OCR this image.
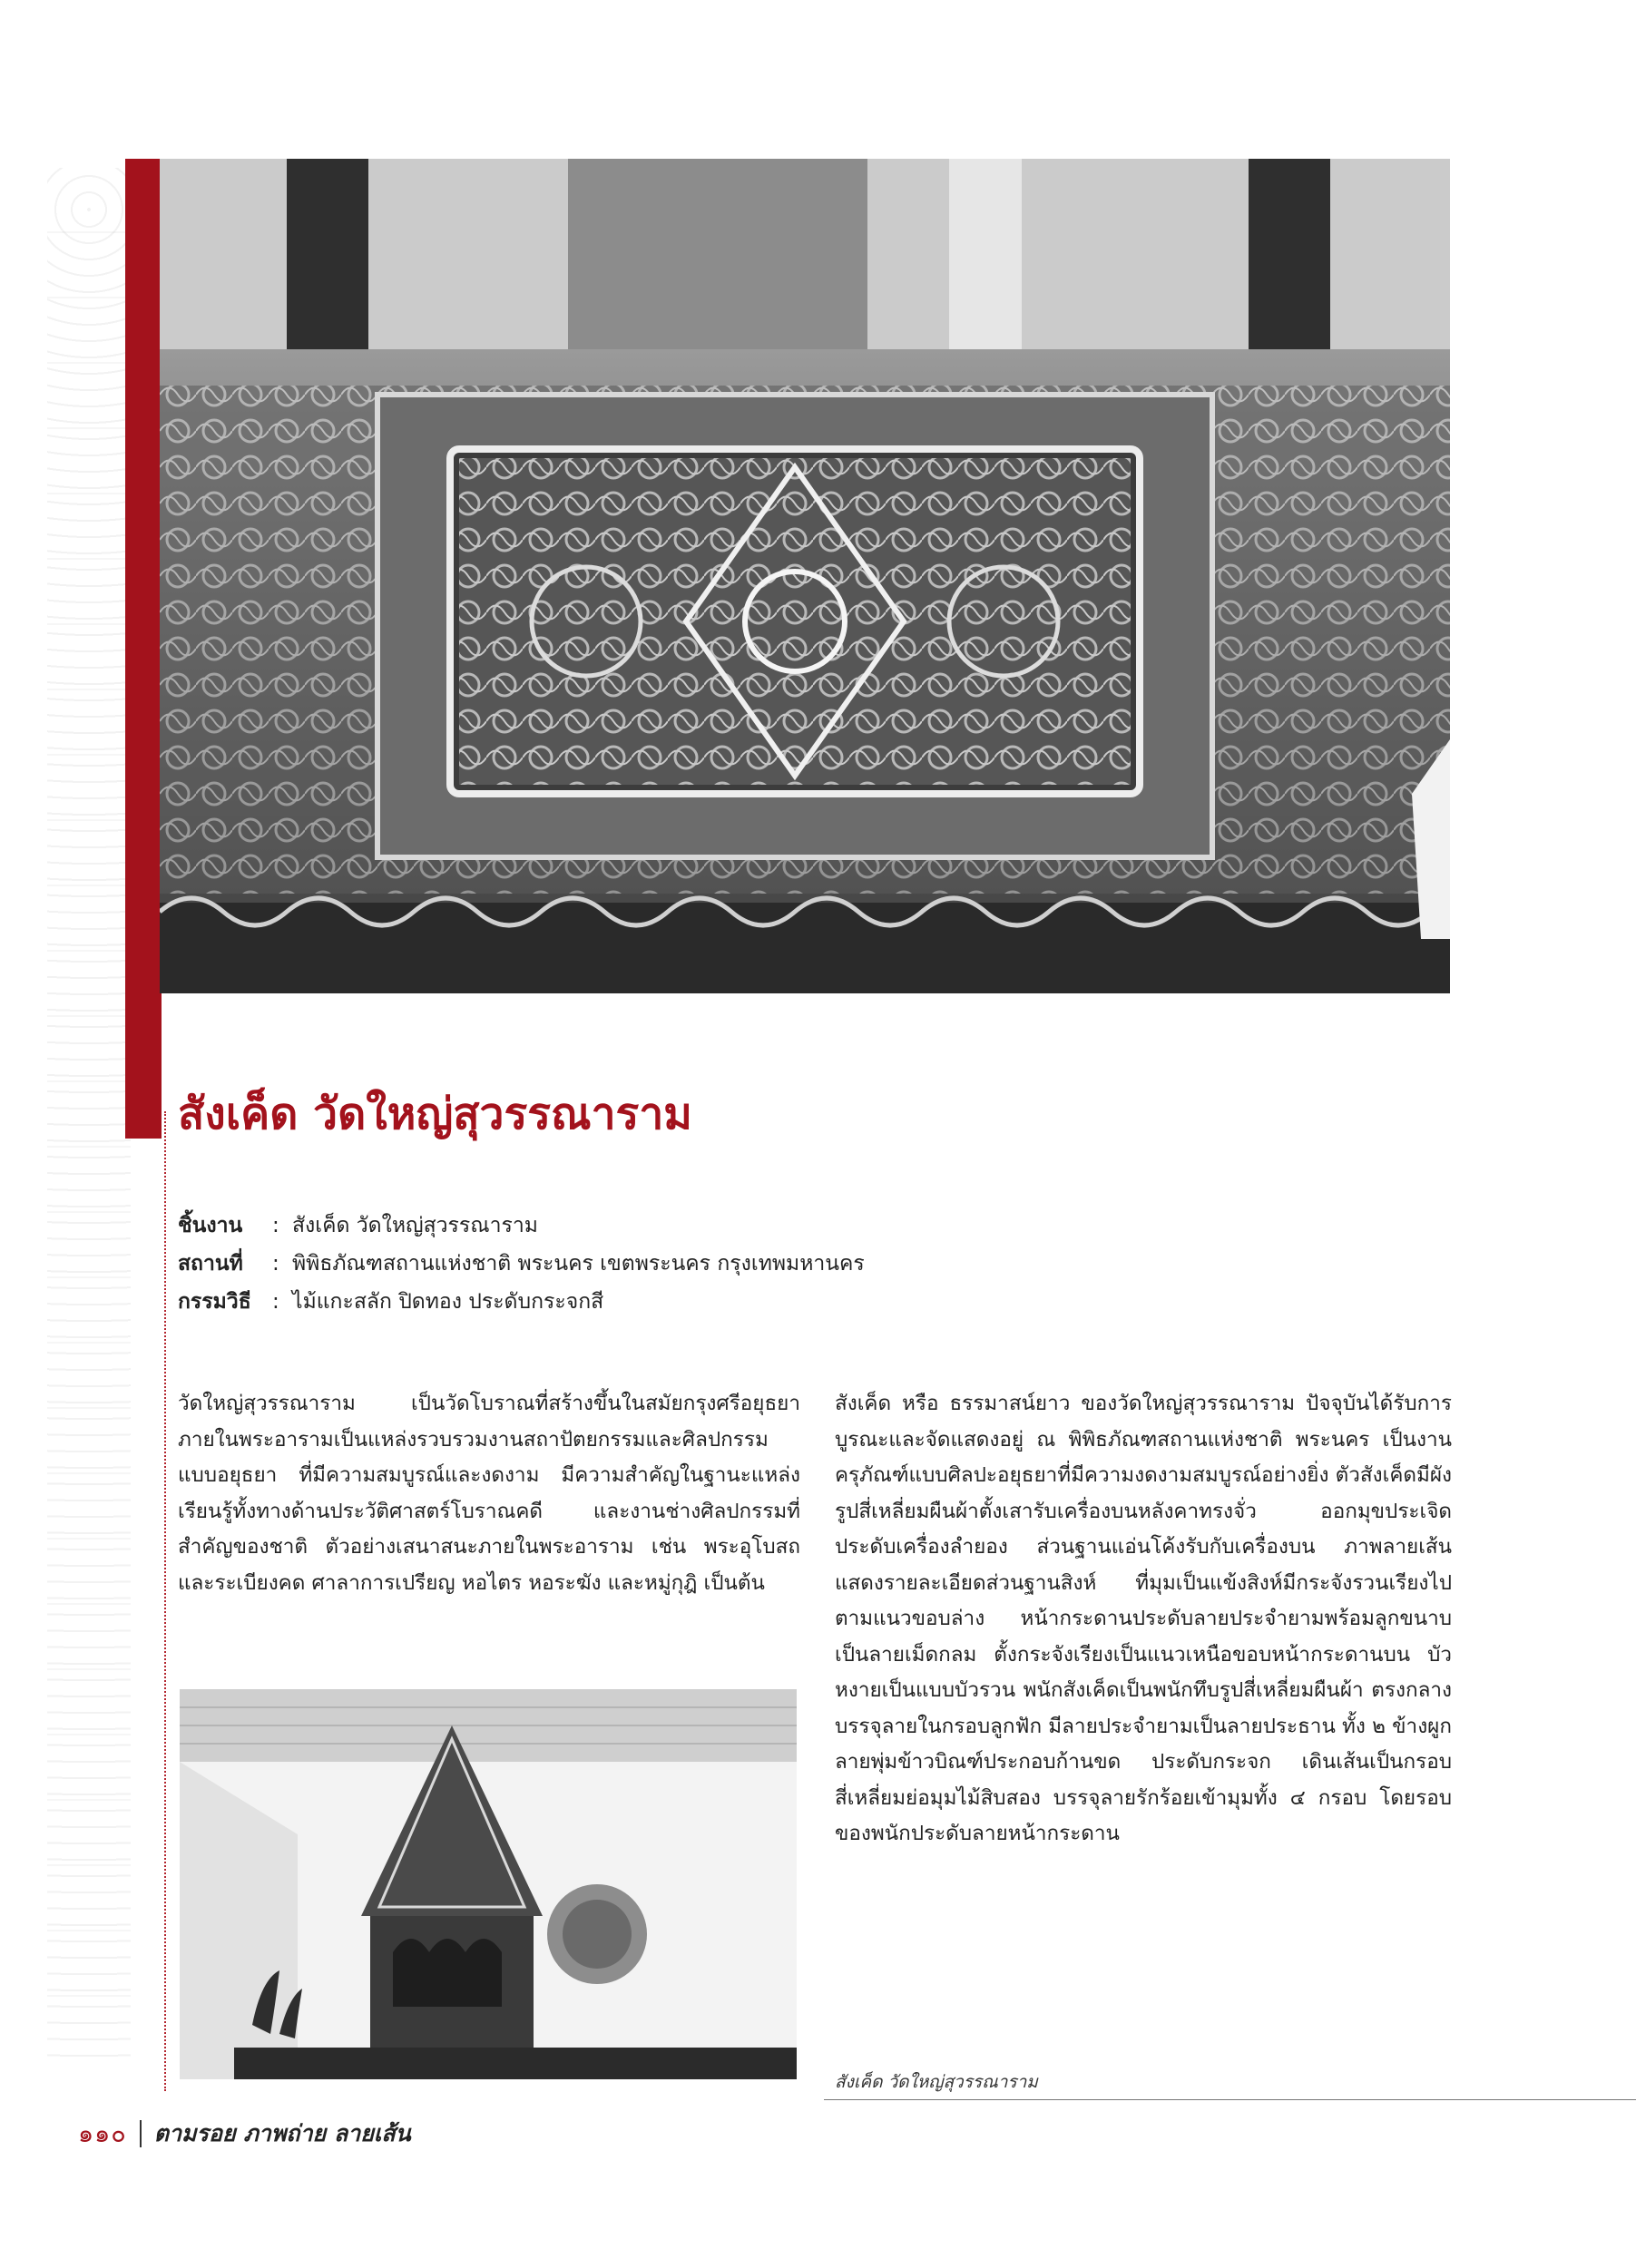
สังเค็ด วัดใหญ่สุวรรณาราม
ชิ้นงาน : สังเค็ด วัดใหญ่สุวรรณาราม
สถานที่ : พิพิธภัณฑสถานแห่งชาติ พระนคร เขตพระนคร กรุงเทพมหานคร
กรรมวิธี : ไม้แกะสลัก ปิดทอง ประดับกระจกสี
วัดใหญ่สุวรรณาราม เป็นวัดโบราณที่สร้างขึ้นในสมัยกรุงศรีอยุธยา ภายในพระอารามเป็นแหล่งรวบรวมงานสถาปัตยกรรมและศิลปกรรมแบบอยุธยา ที่มีความสมบูรณ์และงดงาม มีความสำคัญในฐานะแหล่งเรียนรู้ทั้งทางด้านประวัติศาสตร์โบราณคดี และงานช่างศิลปกรรมที่สำคัญของชาติ ตัวอย่างเสนาสนะภายในพระอาราม เช่น พระอุโบสถและระเบียงคด ศาลาการเปรียญ หอไตร หอระฆัง และหมู่กุฎิ เป็นต้น
สังเค็ด หรือ ธรรมาสน์ยาว ของวัดใหญ่สุวรรณาราม ปัจจุบันได้รับการบูรณะและจัดแสดงอยู่ ณ พิพิธภัณฑสถานแห่งชาติ พระนคร เป็นงานครุภัณฑ์แบบศิลปะอยุธยาที่มีความงดงามสมบูรณ์อย่างยิ่ง ตัวสังเค็ดมีผังรูปสี่เหลี่ยมผืนผ้าตั้งเสารับเครื่องบนหลังคาทรงจั่ว ออกมุขประเจิดประดับเครื่องลำยอง ส่วนฐานแอ่นโค้งรับกับเครื่องบน ภาพลายเส้นแสดงรายละเอียดส่วนฐานสิงห์ ที่มุมเป็นแข้งสิงห์มีกระจังรวนเรียงไปตามแนวขอบล่าง หน้ากระดานประดับลายประจำยามพร้อมลูกขนาบเป็นลายเม็ดกลม ตั้งกระจังเรียงเป็นแนวเหนือขอบหน้ากระดานบน บัวหงายเป็นแบบบัวรวน พนักสังเค็ดเป็นพนักทึบรูปสี่เหลี่ยมผืนผ้า ตรงกลางบรรจุลายในกรอบลูกฟัก มีลายประจำยามเป็นลายประธาน ทั้ง ๒ ข้างผูกลายพุ่มข้าวบิณฑ์ประกอบก้านขด ประดับกระจก เดินเส้นเป็นกรอบสี่เหลี่ยมย่อมุมไม้สิบสอง บรรจุลายรักร้อยเข้ามุมทั้ง ๔ กรอบ โดยรอบของพนักประดับลายหน้ากระดาน
สังเค็ด วัดใหญ่สุวรรณาราม
๑๑๐ ตามรอย ภาพถ่าย ลายเส้น
